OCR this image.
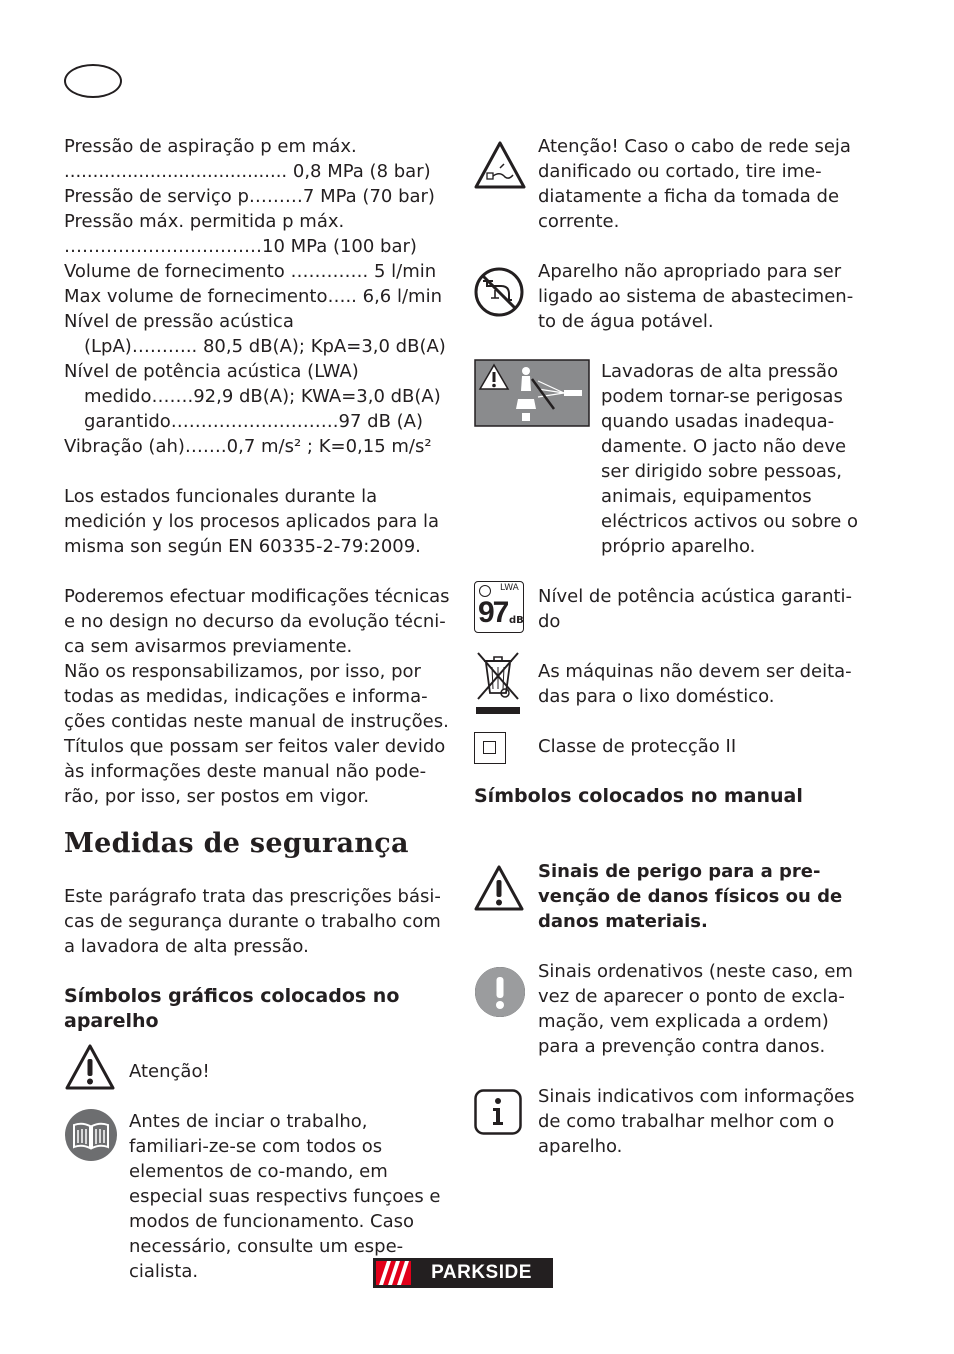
Pressão de aspiração p em máx.
....................................... 0,8 MPa (8 bar)
Pressão de serviço p………7 MPa (70 bar)
Pressão máx. permitida p máx.
……………………………10 MPa (100 bar)
Volume de fornecimento …………. 5 l/min
Max volume de fornecimento….. 6,6 l/min
Nível de pressão acústica
(LpA)……….. 80,5 dB(A); KpA=3,0 dB(A)
Nível de potência acústica (LWA)
medido…….92,9 dB(A); KWA=3,0 dB(A)
garantido……………………….97 dB (A)
Vibração (ah)…….0,7 m/s² ; K=0,15 m/s²
Los estados funcionales durante la medición y los procesos aplicados para la misma son según EN 60335-2-79:2009.
Poderemos efectuar modificações técnicas e no design no decurso da evolução técni-ca sem avisarmos previamente.
Não os responsabilizamos, por isso, por todas as medidas, indicações e informa-ções contidas neste manual de instruções. Títulos que possam ser feitos valer devido às informações deste manual não pode-rão, por isso, ser postos em vigor.
Medidas de segurança
Este parágrafo trata das prescrições bási-cas de segurança durante o trabalho com a lavadora de alta pressão.
Símbolos gráficos colocados no aparelho
Atenção!
Antes de inciar o trabalho, familiari-ze-se com todos os elementos de co-mando, em especial suas respectivs funçoes e modos de funcionamento. Caso necessário, consulte um espe-cialista.
Atenção! Caso o cabo de rede seja danificado ou cortado, tire ime-diatamente a ficha da tomada de corrente.
Aparelho não apropriado para ser ligado ao sistema de abastecimen-to de água potável.
Lavadoras de alta pressão podem tornar-se perigosas quando usadas inadequa-damente. O jacto não deve ser dirigido sobre pessoas, animais, equipamentos eléctricos activos ou sobre o próprio aparelho.
LWA
97 dB
Nível de potência acústica garanti-do
As máquinas não devem ser deita-das para o lixo doméstico.
Classe de protecção II
Símbolos colocados no manual
Sinais de perigo para a pre-venção de danos físicos ou de danos materiais.
Sinais ordenativos (neste caso, em vez de aparecer o ponto de excla-mação, vem explicada a ordem) para a prevenção contra danos.
Sinais indicativos com informações de como trabalhar melhor com o aparelho.
PARKSIDE
